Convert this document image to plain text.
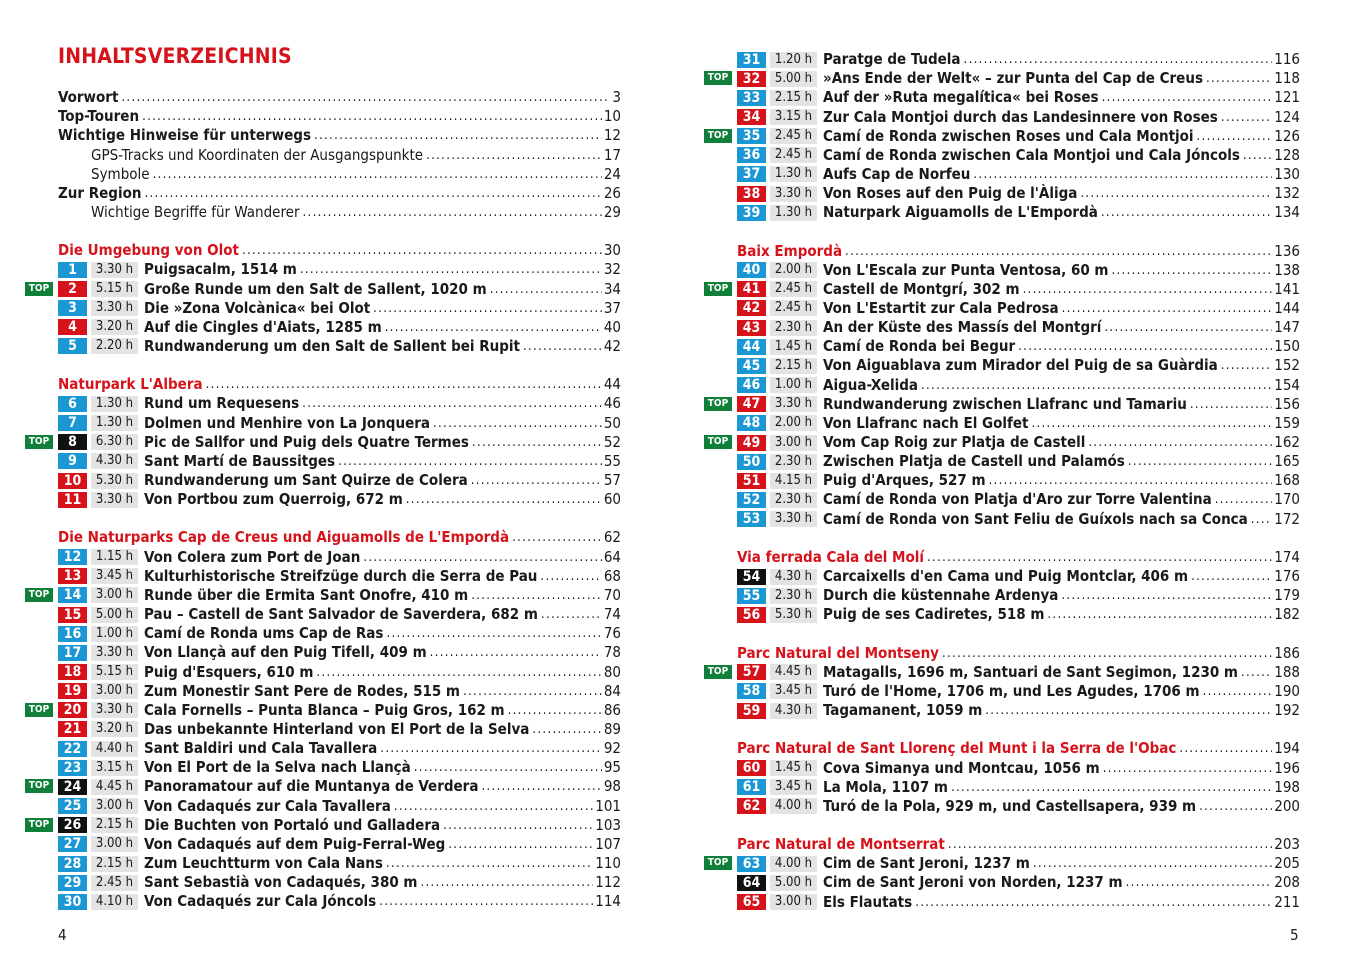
INHALTSVERZEICHNIS
Vorwort . . .	3
Top-Touren . . .	10
Wichtige Hinweise für unterwegs . . .	12
GPS-Tracks und Koordinaten der Ausgangspunkte . . .	17
Symbole . . .	24
Zur Region . . .	26
Wichtige Begriffe für Wanderer . . .	29
Die Umgebung von Olot . . .	30
1	3.30 h Puigsacalm, 1514 m . . .	32
TOP	2	5.15 h Große Runde um den Salt de Sallent, 1020 m . . .	34
3	3.30 h Die »Zona Volcànica« bei Olot . . .	37
4	3.20 h Auf die Cingles d'Aiats, 1285 m . . .	40
5	2.20 h Rundwanderung um den Salt de Sallent bei Rupit . . .	42
Naturpark L'Albera . . .	44
6	1.30 h Rund um Requesens . . .	46
7	1.30 h Dolmen und Menhire von La Jonquera . . .	50
TOP	8	6.30 h Pic de Sallfor und Puig dels Quatre Termes . . .	52
9	4.30 h Sant Martí de Baussitges . . .	55
10	5.30 h Rundwanderung um Sant Quirze de Colera . . .	57
11	3.30 h Von Portbou zum Querroig, 672 m . . .	60
Die Naturparks Cap de Creus und Aiguamolls de L'Empordà . . .	62
12	1.15 h Von Colera zum Port de Joan . . .	64
13	3.45 h Kulturhistorische Streifzüge durch die Serra de Pau . . .	68
TOP	14	3.00 h Runde über die Ermita Sant Onofre, 410 m . . .	70
15	5.00 h Pau – Castell de Sant Salvador de Saverdera, 682 m . . .	74
16	1.00 h Camí de Ronda ums Cap de Ras . . .	76
17	3.30 h Von Llançà auf den Puig Tifell, 409 m . . .	78
18	5.15 h Puig d'Esquers, 610 m . . .	80
19	3.00 h Zum Monestir Sant Pere de Rodes, 515 m . . .	84
TOP	20	3.30 h Cala Fornells – Punta Blanca – Puig Gros, 162 m . . .	86
21	3.20 h Das unbekannte Hinterland von El Port de la Selva . . .	89
22	4.40 h Sant Baldiri und Cala Tavallera . . .	92
23	3.15 h Von El Port de la Selva nach Llançà . . .	95
TOP	24	4.45 h Panoramatour auf die Muntanya de Verdera . . .	98
25	3.00 h Von Cadaqués zur Cala Tavallera . . .	101
TOP	26	2.15 h Die Buchten von Portaló und Galladera . . .	103
27	3.00 h Von Cadaqués auf dem Puig-Ferral-Weg . . .	107
28	2.15 h Zum Leuchtturm von Cala Nans . . .	110
29	2.45 h Sant Sebastià von Cadaqués, 380 m . . .	112
30	4.10 h Von Cadaqués zur Cala Jóncols . . .	114
4
31	1.20 h Paratge de Tudela . . .	116
TOP	32	5.00 h »Ans Ende der Welt« – zur Punta del Cap de Creus . . .	118
33	2.15 h Auf der »Ruta megalítica« bei Roses . . .	121
34	3.15 h Zur Cala Montjoi durch das Landesinnere von Roses . . .	124
TOP	35	2.45 h Camí de Ronda zwischen Roses und Cala Montjoi . . .	126
36	2.45 h Camí de Ronda zwischen Cala Montjoi und Cala Jóncols . . . 128
37	1.30 h Aufs Cap de Norfeu . . .	130
38	3.30 h Von Roses auf den Puig de l'Àliga . . .	132
39	1.30 h Naturpark Aiguamolls de L'Empordà . . .	134
Baix Empordà . . .	136
40	2.00 h Von L'Escala zur Punta Ventosa, 60 m . . .	138
TOP	41	2.45 h Castell de Montgrí, 302 m . . .	141
42	2.45 h Von L'Estartit zur Cala Pedrosa . . .	144
43	2.30 h An der Küste des Massís del Montgrí . . .	147
44	1.45 h Camí de Ronda bei Begur . . .	150
45	2.15 h Von Aiguablava zum Mirador del Puig de sa Guàrdia . . .	152
46	1.00 h Aigua-Xelida . . .	154
TOP	47	3.30 h Rundwanderung zwischen Llafranc und Tamariu . . .	156
48	2.00 h Von Llafranc nach El Golfet . . .	159
TOP	49	3.00 h Vom Cap Roig zur Platja de Castell . . .	162
50	2.30 h Zwischen Platja de Castell und Palamós . . .	165
51	4.15 h Puig d'Arques, 527 m . . .	168
52	2.30 h Camí de Ronda von Platja d'Aro zur Torre Valentina . . .	170
53	3.30 h Camí de Ronda von Sant Feliu de Guíxols nach sa Conca . . . 172
Via ferrada Cala del Molí . . .	174
54	4.30 h Carcaixells d'en Cama und Puig Montclar, 406 m . . .	176
55	2.30 h Durch die küstennahe Ardenya . . .	179
56	5.30 h Puig de ses Cadiretes, 518 m . . .	182
Parc Natural del Montseny . . .	186
TOP	57	4.45 h Matagalls, 1696 m, Santuari de Sant Segimon, 1230 m . . . 188
58	3.45 h Turó de l'Home, 1706 m, und Les Agudes, 1706 m . . .	190
59	4.30 h Tagamanent, 1059 m . . .	192
Parc Natural de Sant Llorenç del Munt i la Serra de l'Obac . . .	194
60	1.45 h Cova Simanya und Montcau, 1056 m . . .	196
61	3.45 h La Mola, 1107 m . . .	198
62	4.00 h Turó de la Pola, 929 m, und Castellsapera, 939 m . . .	200
Parc Natural de Montserrat . . .	203
TOP	63	4.00 h Cim de Sant Jeroni, 1237 m . . .	205
64	5.00 h Cim de Sant Jeroni von Norden, 1237 m . . .	208
65	3.00 h Els Flautats . . .	211
5
